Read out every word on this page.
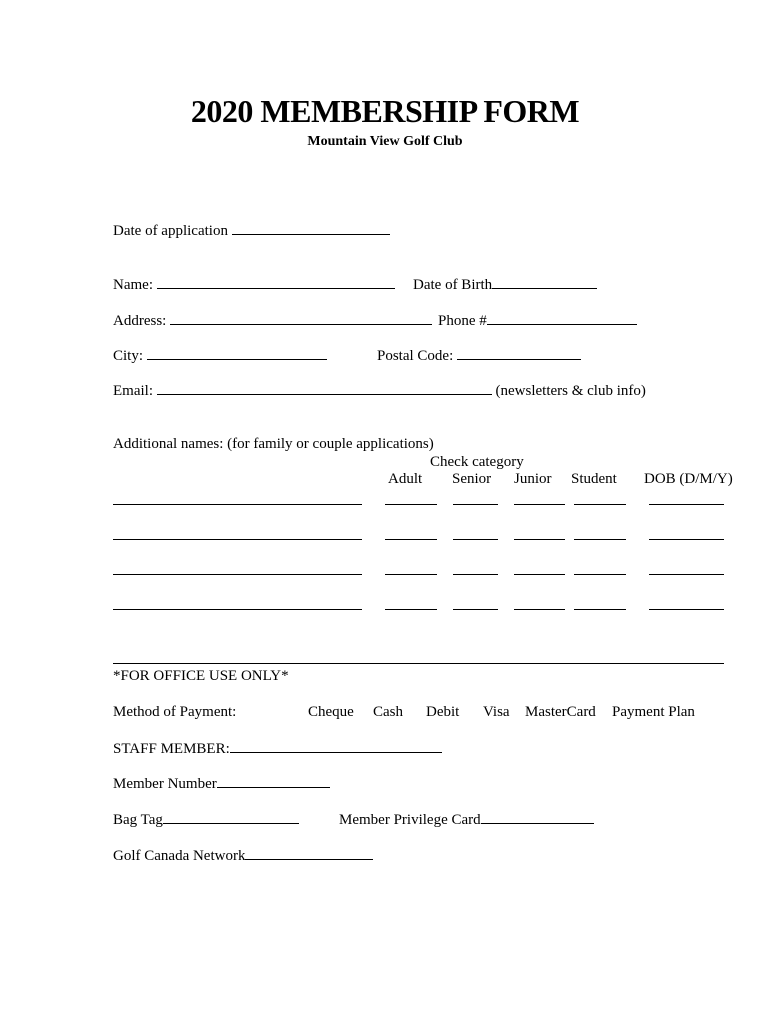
2020 MEMBERSHIP FORM
Mountain View Golf Club
Date of application
Name:	Date of Birth
Address:	Phone #
City:	Postal Code:
Email:	(newsletters & club info)
Additional names: (for family or couple applications)
Check category
Adult Senior Junior Student DOB (D/M/Y)
*FOR OFFICE USE ONLY*
Method of Payment:	Cheque Cash Debit Visa MasterCard Payment Plan
STAFF MEMBER:
Member Number
Bag Tag	Member Privilege Card
Golf Canada Network
